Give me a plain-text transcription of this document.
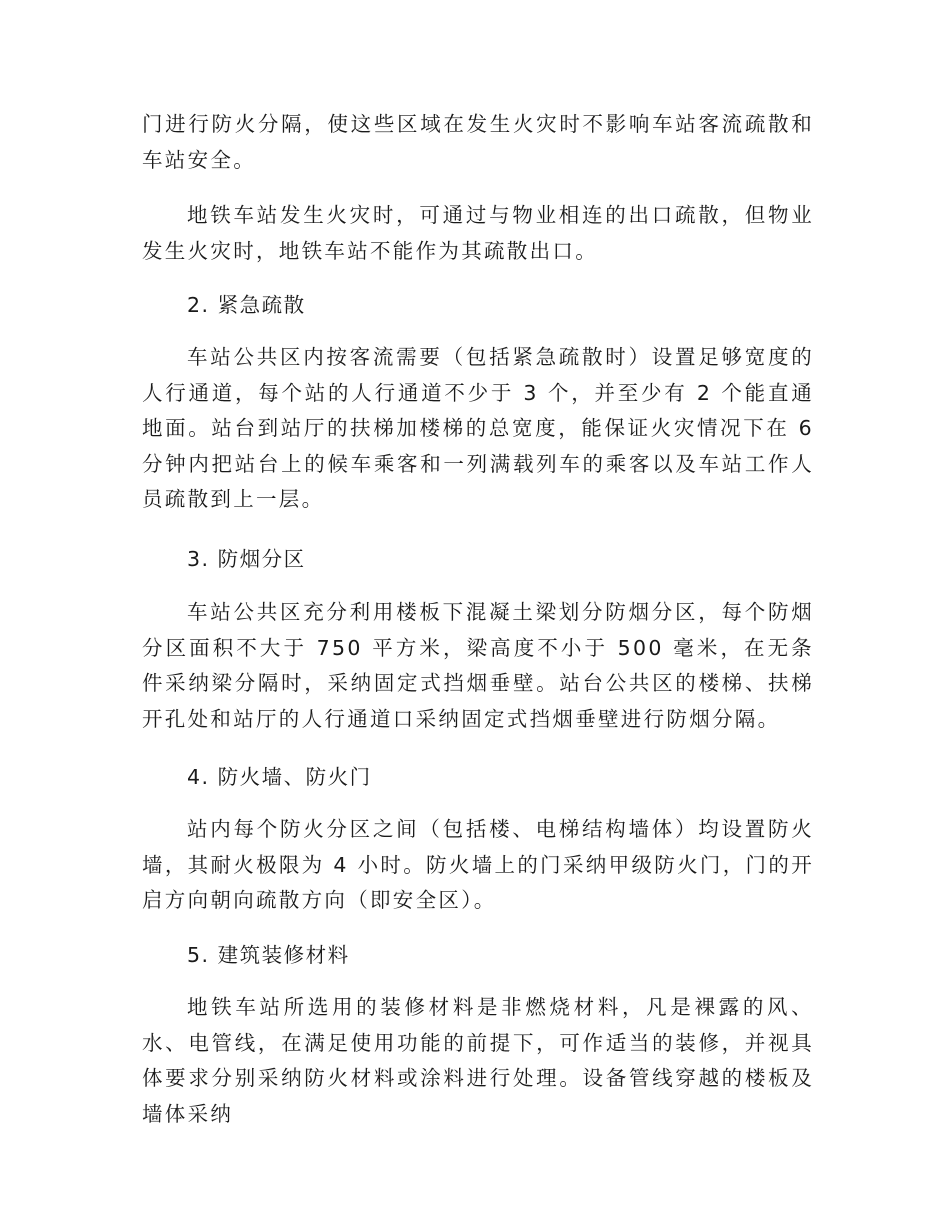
门进行防火分隔，使这些区域在发生火灾时不影响车站客流疏散和车站安全。

地铁车站发生火灾时，可通过与物业相连的出口疏散，但物业发生火灾时，地铁车站不能作为其疏散出口。

2. 紧急疏散

车站公共区内按客流需要（包括紧急疏散时）设置足够宽度的人行通道，每个站的人行通道不少于 3 个，并至少有 2 个能直通地面。站台到站厅的扶梯加楼梯的总宽度，能保证火灾情况下在 6 分钟内把站台上的候车乘客和一列满载列车的乘客以及车站工作人员疏散到上一层。

3. 防烟分区

车站公共区充分利用楼板下混凝土梁划分防烟分区，每个防烟分区面积不大于 750 平方米，梁高度不小于 500 毫米，在无条件采纳梁分隔时，采纳固定式挡烟垂壁。站台公共区的楼梯、扶梯开孔处和站厅的人行通道口采纳固定式挡烟垂壁进行防烟分隔。

4. 防火墙、防火门

站内每个防火分区之间（包括楼、电梯结构墙体）均设置防火墙，其耐火极限为 4 小时。防火墙上的门采纳甲级防火门，门的开启方向朝向疏散方向（即安全区）。

5. 建筑装修材料

地铁车站所选用的装修材料是非燃烧材料，凡是裸露的风、水、电管线，在满足使用功能的前提下，可作适当的装修，并视具体要求分别采纳防火材料或涂料进行处理。设备管线穿越的楼板及墙体采纳
